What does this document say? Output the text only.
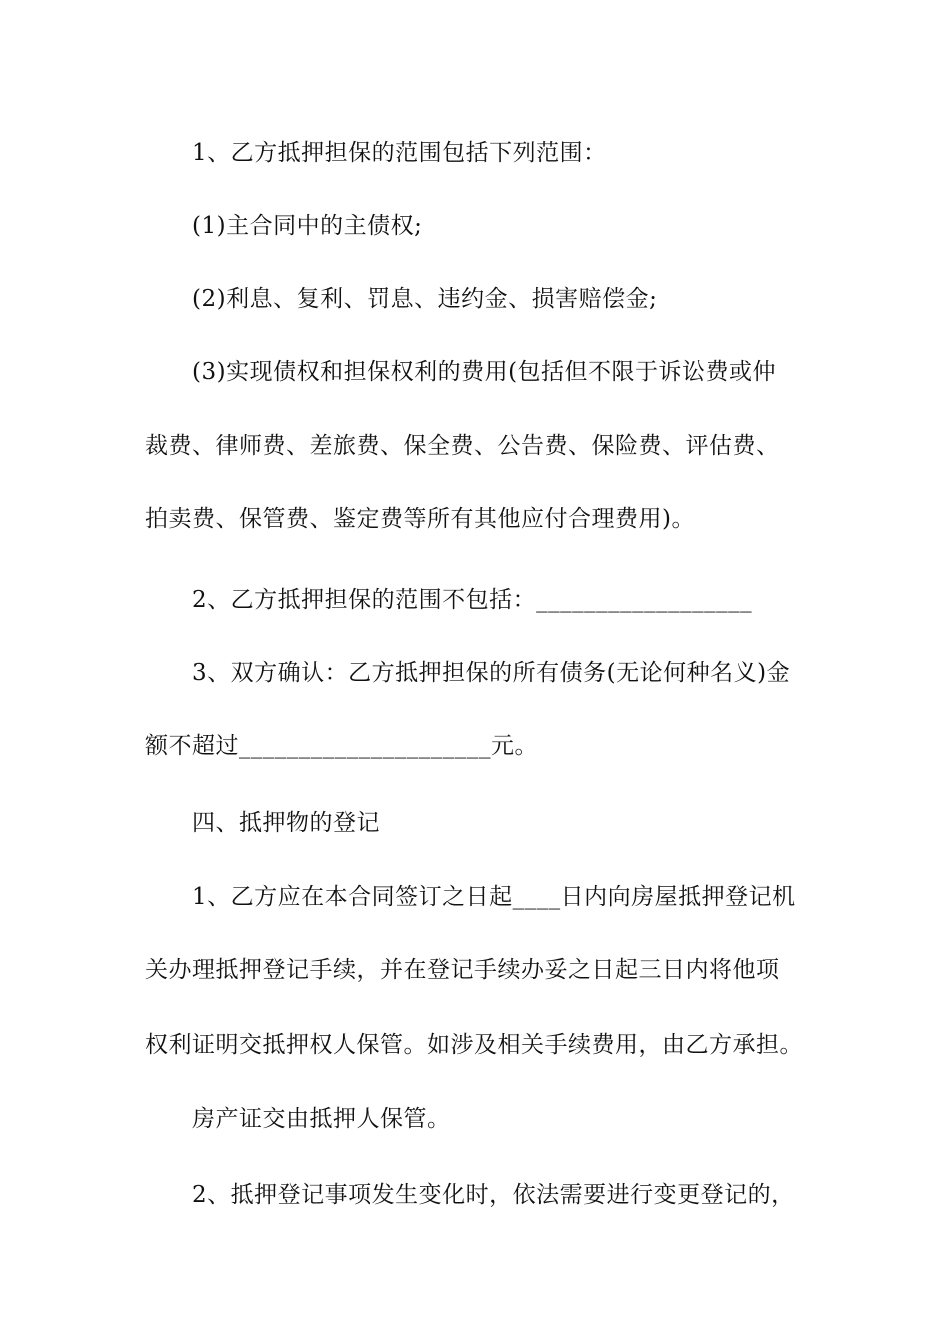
1、乙方抵押担保的范围包括下列范围：
(1)主合同中的主债权;
(2)利息、复利、罚息、违约金、损害赔偿金;
(3)实现债权和担保权利的费用(包括但不限于诉讼费或仲
裁费、律师费、差旅费、保全费、公告费、保险费、评估费、
拍卖费、保管费、鉴定费等所有其他应付合理费用)。
2、乙方抵押担保的范围不包括：__________________
3、双方确认：乙方抵押担保的所有债务(无论何种名义)金
额不超过_____________________元。
四、抵押物的登记
1、乙方应在本合同签订之日起____日内向房屋抵押登记机
关办理抵押登记手续，并在登记手续办妥之日起三日内将他项
权利证明交抵押权人保管。如涉及相关手续费用，由乙方承担。
房产证交由抵押人保管。
2、抵押登记事项发生变化时，依法需要进行变更登记的，
